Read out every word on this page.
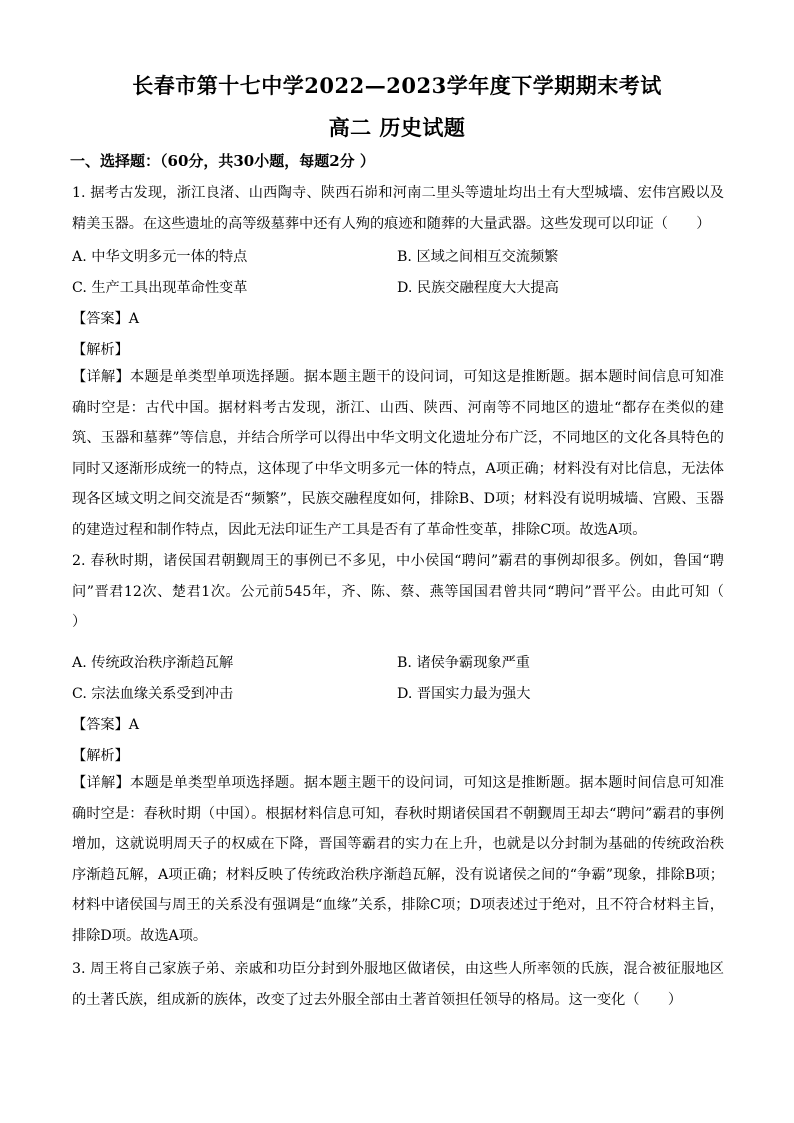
长春市第十七中学2022—2023学年度下学期期末考试
高二 历史试题
一、选择题：（60分，共30小题，每题2分 ）
1. 据考古发现，浙江良渚、山西陶寺、陕西石峁和河南二里头等遗址均出土有大型城墙、宏伟宫殿以及精美玉器。在这些遗址的高等级墓葬中还有人殉的痕迹和随葬的大量武器。这些发现可以印证（　　）
A. 中华文明多元一体的特点	B. 区域之间相互交流频繁
C. 生产工具出现革命性变革	D. 民族交融程度大大提高
【答案】A
【解析】
【详解】本题是单类型单项选择题。据本题主题干的设问词，可知这是推断题。据本题时间信息可知准确时空是：古代中国。据材料考古发现，浙江、山西、陕西、河南等不同地区的遗址“都存在类似的建筑、玉器和墓葬”等信息，并结合所学可以得出中华文明文化遗址分布广泛，不同地区的文化各具特色的同时又逐渐形成统一的特点，这体现了中华文明多元一体的特点，A项正确；材料没有对比信息，无法体现各区域文明之间交流是否“频繁”，民族交融程度如何，排除B、D项；材料没有说明城墙、宫殿、玉器的建造过程和制作特点，因此无法印证生产工具是否有了革命性变革，排除C项。故选A项。
2. 春秋时期，诸侯国君朝觐周王的事例已不多见，中小侯国“聘问”霸君的事例却很多。例如，鲁国“聘问”晋君12次、楚君1次。公元前545年，齐、陈、蔡、燕等国国君曾共同“聘问”晋平公。由此可知（　　）
A. 传统政治秩序渐趋瓦解	B. 诸侯争霸现象严重
C. 宗法血缘关系受到冲击	D. 晋国实力最为强大
【答案】A
【解析】
【详解】本题是单类型单项选择题。据本题主题干的设问词，可知这是推断题。据本题时间信息可知准确时空是：春秋时期（中国）。根据材料信息可知，春秋时期诸侯国君不朝觐周王却去“聘问”霸君的事例增加，这就说明周天子的权威在下降，晋国等霸君的实力在上升，也就是以分封制为基础的传统政治秩序渐趋瓦解，A项正确；材料反映了传统政治秩序渐趋瓦解，没有说诸侯之间的“争霸”现象，排除B项；材料中诸侯国与周王的关系没有强调是“血缘”关系，排除C项；D项表述过于绝对，且不符合材料主旨，排除D项。故选A项。
3. 周王将自己家族子弟、亲戚和功臣分封到外服地区做诸侯，由这些人所率领的氏族，混合被征服地区的土著氏族，组成新的族体，改变了过去外服全部由土著首领担任领导的格局。这一变化（　　）
